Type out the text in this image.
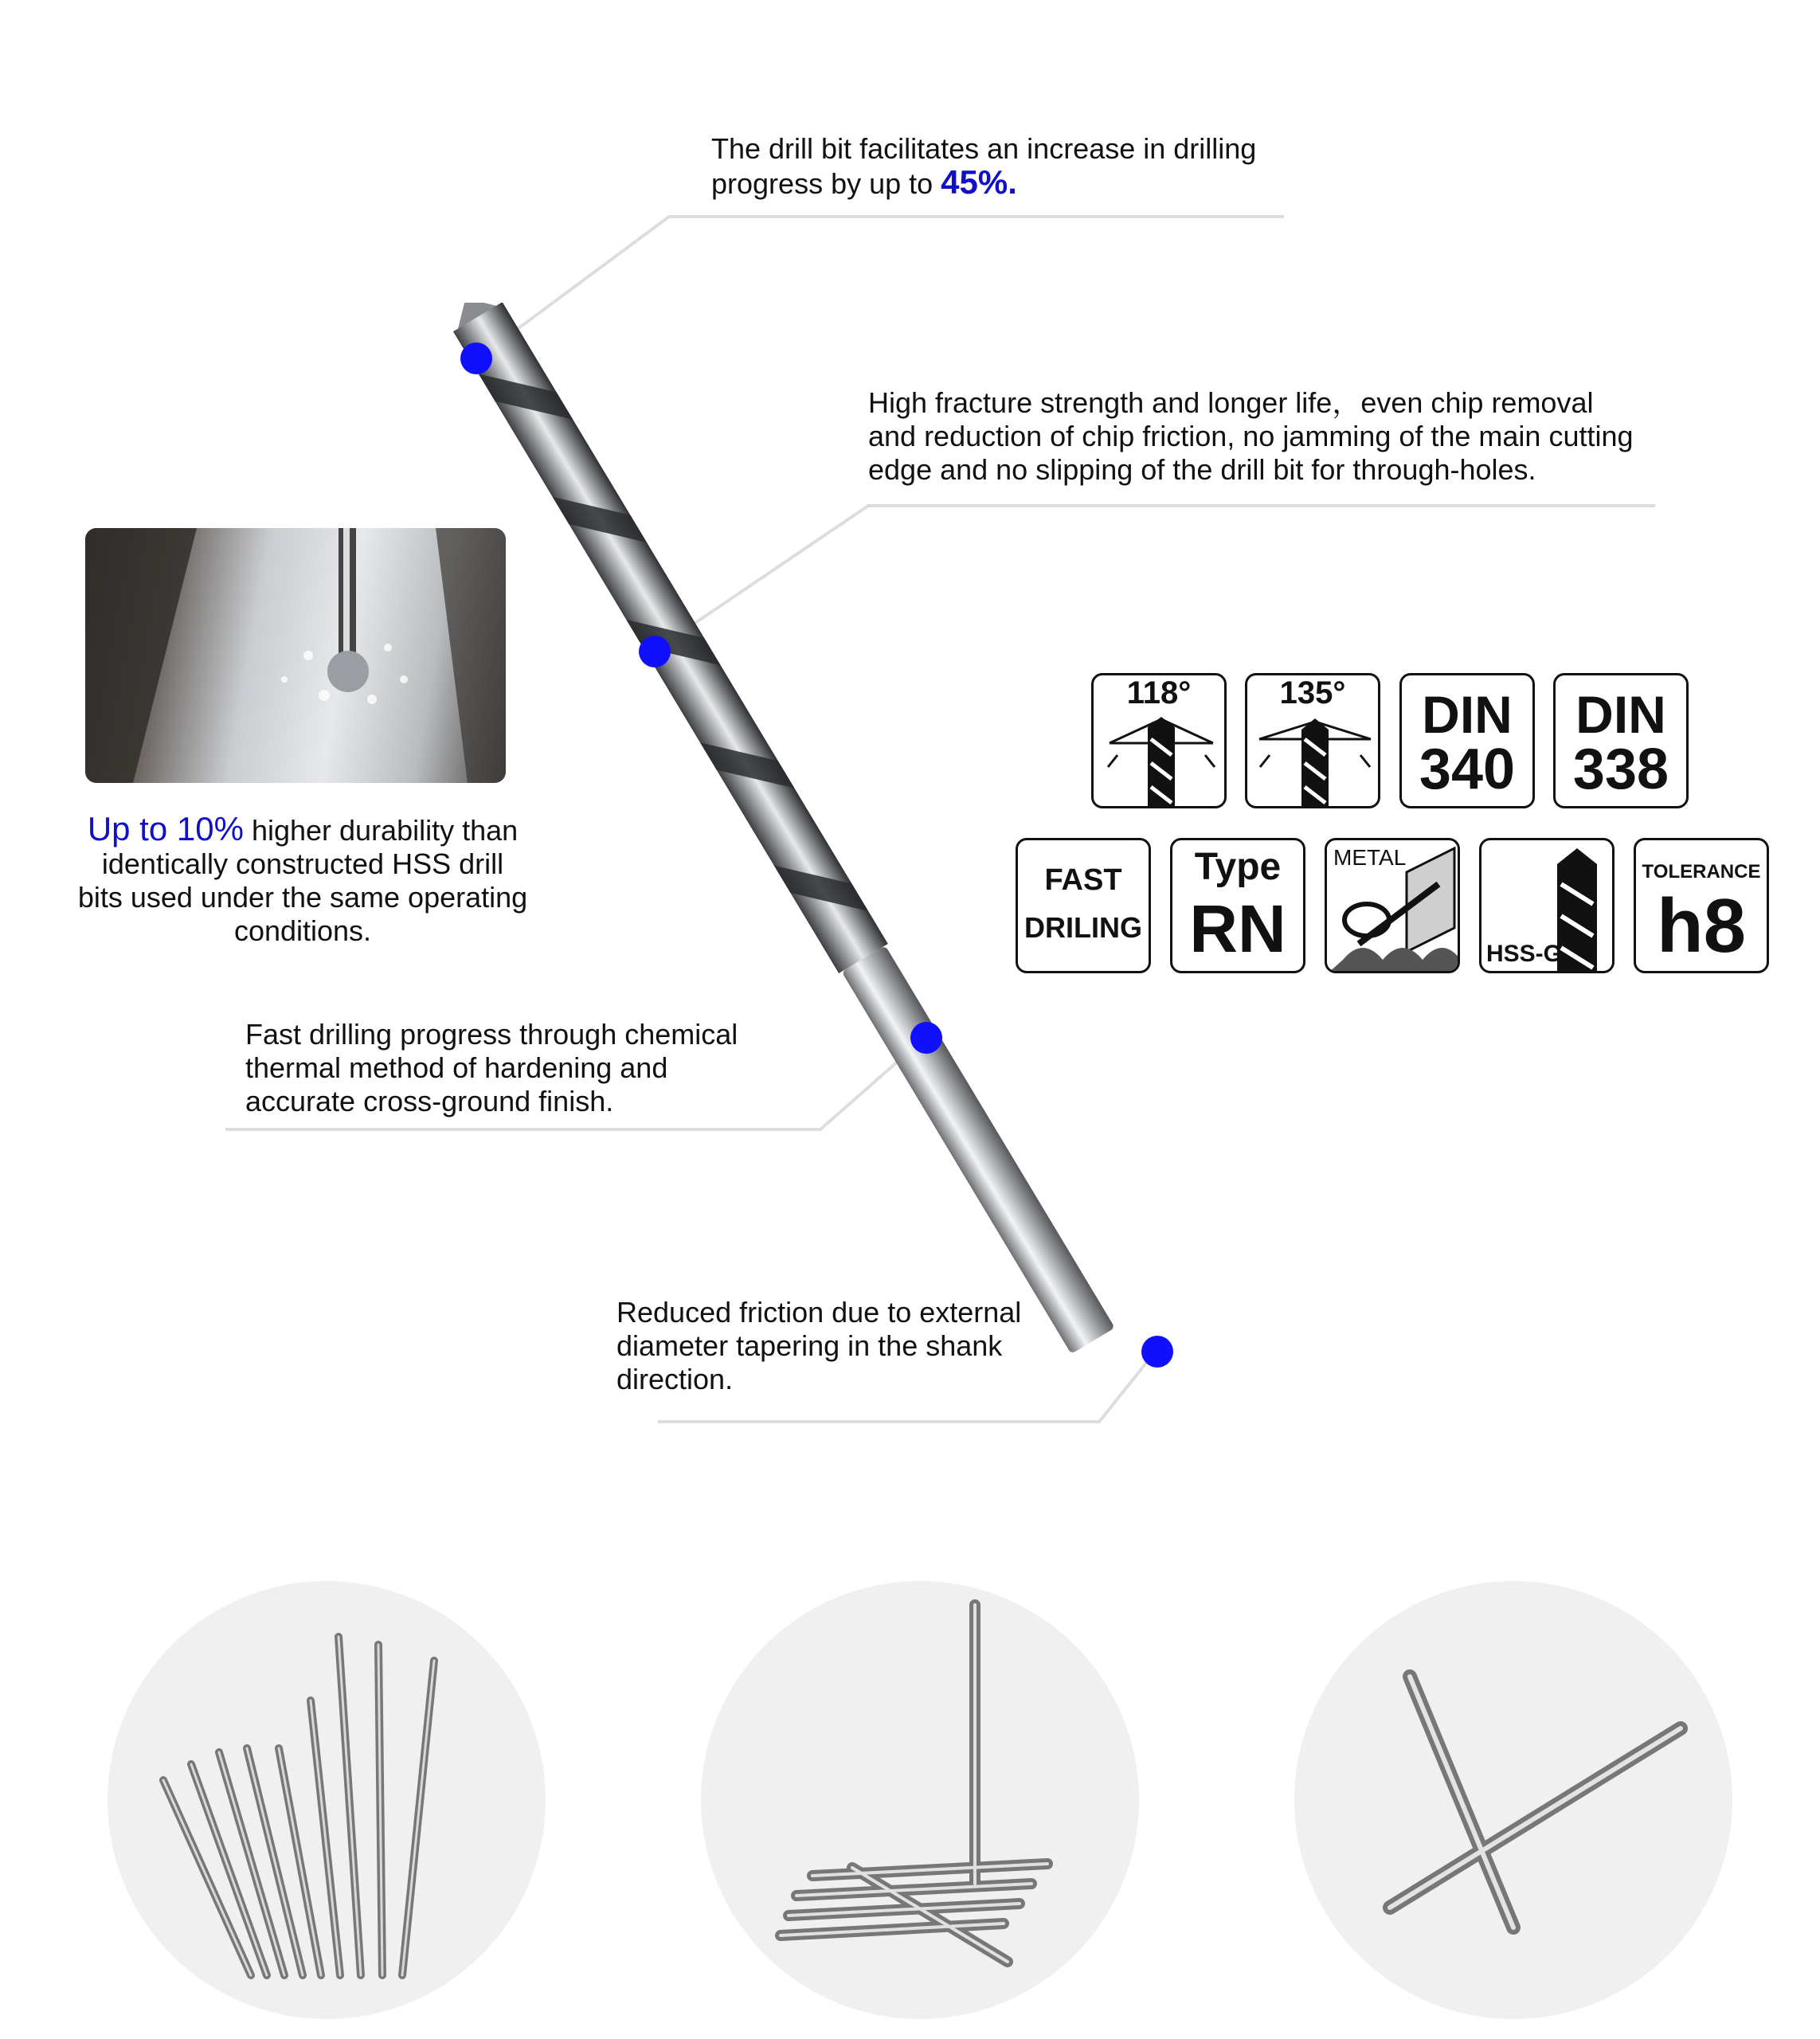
The drill bit facilitates an increase in drilling progress by up to 45%.
High fracture strength and longer life，even chip removal
and reduction of chip friction, no jamming of the main cutting
edge and no slipping of the drill bit for through-holes.
Up to 10% higher durability than
identically constructed HSS drill
bits used under the same operating
conditions.
Fast drilling progress through chemical
thermal method of hardening and
accurate cross-ground finish.
Reduced friction due to external
diameter tapering in the shank
direction.
118°	135°	DIN
340
DIN
338
FAST
DRILING
Type
RN
METAL
HSS-G
TOLERANCE
h8
